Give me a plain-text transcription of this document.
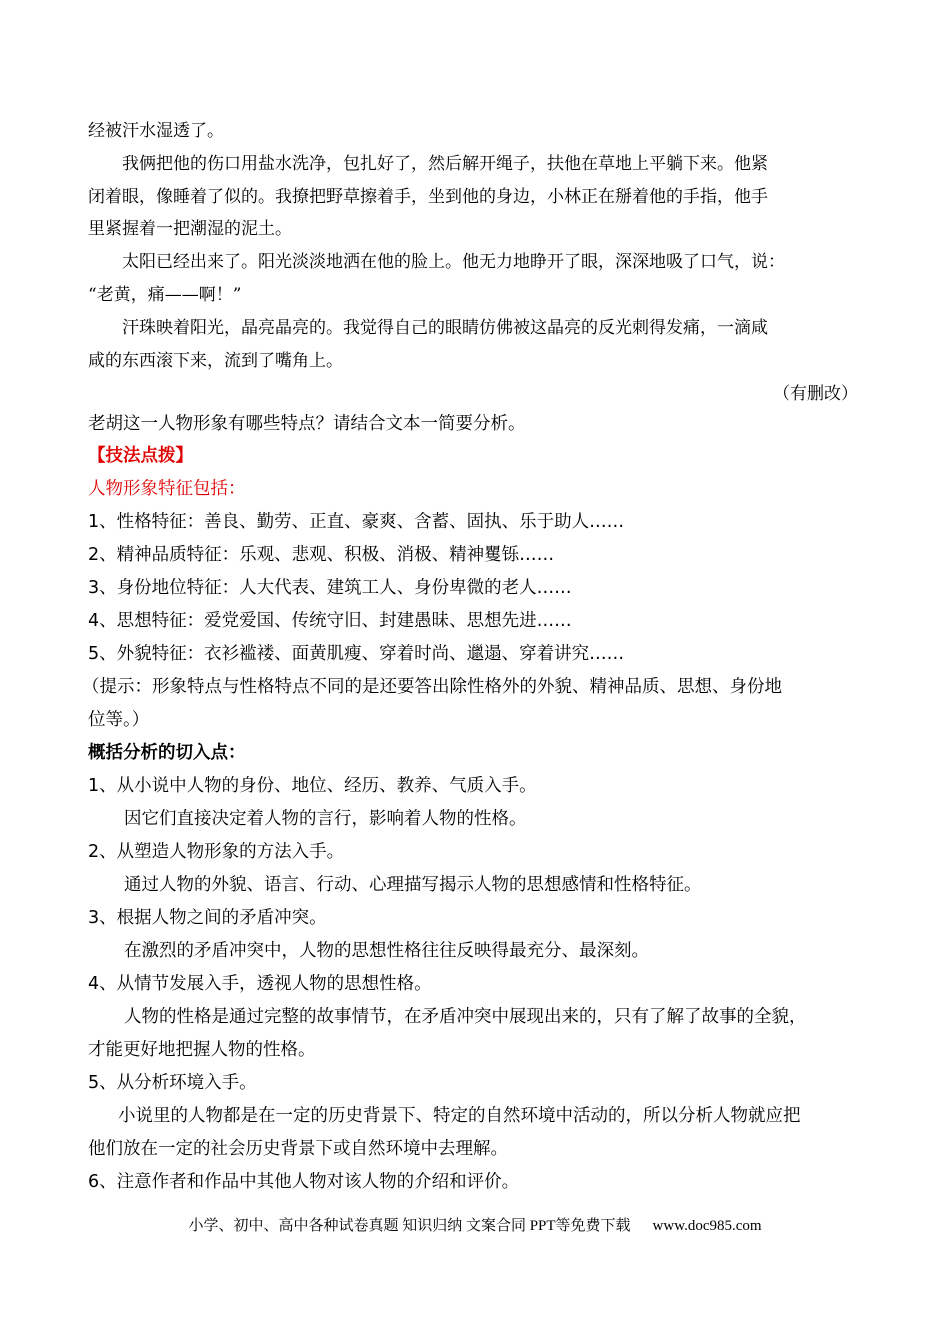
经被汗水湿透了。

我俩把他的伤口用盐水洗净，包扎好了，然后解开绳子，扶他在草地上平躺下来。他紧

闭着眼，像睡着了似的。我撩把野草擦着手，坐到他的身边，小林正在掰着他的手指，他手

里紧握着一把潮湿的泥土。

太阳已经出来了。阳光淡淡地洒在他的脸上。他无力地睁开了眼，深深地吸了口气，说：

“老黄，痛——啊！”

汗珠映着阳光，晶亮晶亮的。我觉得自己的眼睛仿佛被这晶亮的反光刺得发痛，一滴咸

咸的东西滚下来，流到了嘴角上。

（有删改）

老胡这一人物形象有哪些特点？请结合文本一简要分析。

【技法点拨】

人物形象特征包括：

1、性格特征：善良、勤劳、正直、豪爽、含蓄、固执、乐于助人……

2、精神品质特征：乐观、悲观、积极、消极、精神矍铄……

3、身份地位特征：人大代表、建筑工人、身份卑微的老人……

4、思想特征：爱党爱国、传统守旧、封建愚昧、思想先进……

5、外貌特征：衣衫褴褛、面黄肌瘦、穿着时尚、邋遢、穿着讲究……

（提示：形象特点与性格特点不同的是还要答出除性格外的外貌、精神品质、思想、身份地

位等。）

概括分析的切入点：

1、从小说中人物的身份、地位、经历、教养、气质入手。

因它们直接决定着人物的言行，影响着人物的性格。

2、从塑造人物形象的方法入手。

通过人物的外貌、语言、行动、心理描写揭示人物的思想感情和性格特征。

3、根据人物之间的矛盾冲突。

在激烈的矛盾冲突中，人物的思想性格往往反映得最充分、最深刻。

4、从情节发展入手，透视人物的思想性格。

人物的性格是通过完整的故事情节，在矛盾冲突中展现出来的，只有了解了故事的全貌，

才能更好地把握人物的性格。

5、从分析环境入手。

小说里的人物都是在一定的历史背景下、特定的自然环境中活动的，所以分析人物就应把

他们放在一定的社会历史背景下或自然环境中去理解。

6、注意作者和作品中其他人物对该人物的介绍和评价。

小学、初中、高中各种试卷真题 知识归纳 文案合同 PPT等免费下载 www.doc985.com
